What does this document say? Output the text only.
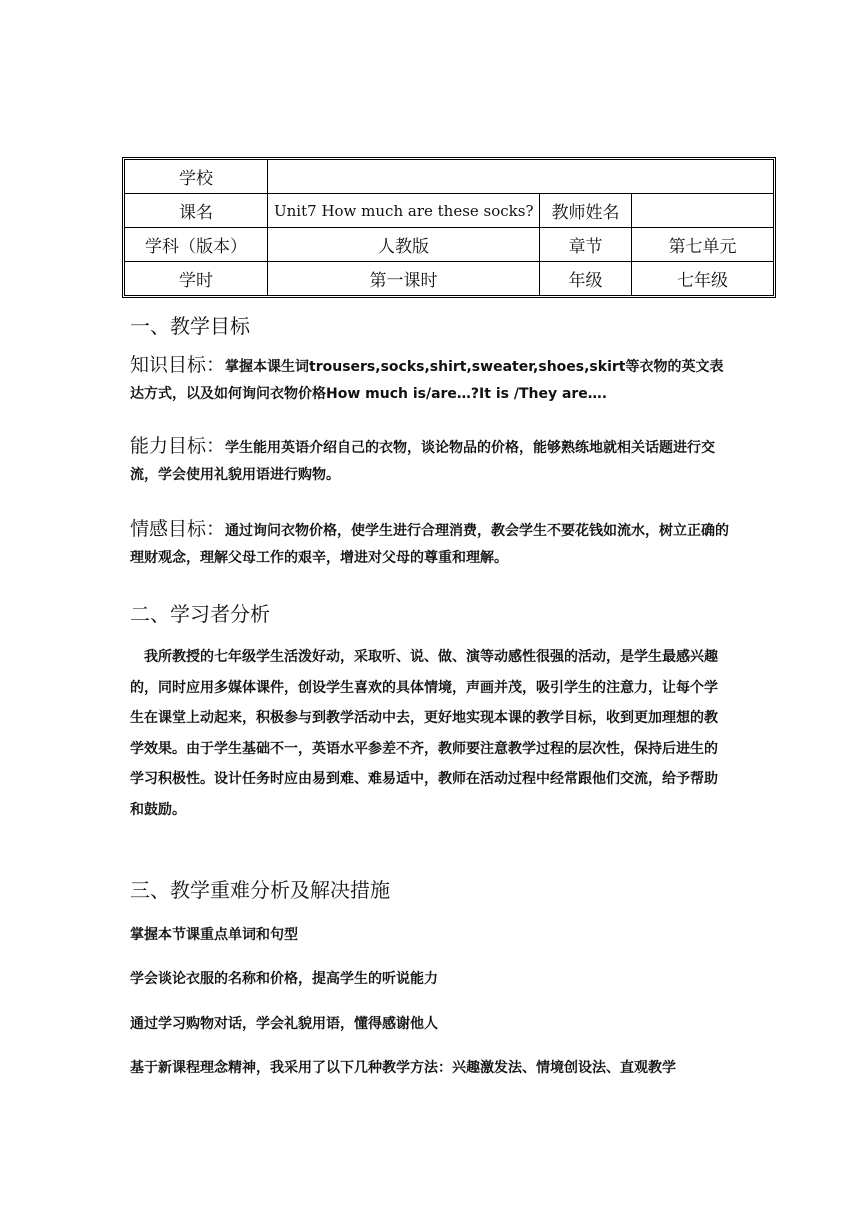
学校			
课名	Unit7 How much are these socks?	教师姓名	
学科（版本）	人教版	章节	第七单元
学时	第一课时	年级	七年级
一、教学目标
知识目标：掌握本课生词trousers,socks,shirt,sweater,shoes,skirt等衣物的英文表达方式，以及如何询问衣物价格How much is/are…?It is /They are….
能力目标：学生能用英语介绍自己的衣物，谈论物品的价格，能够熟练地就相关话题进行交流，学会使用礼貌用语进行购物。
情感目标：通过询问衣物价格，使学生进行合理消费，教会学生不要花钱如流水，树立正确的理财观念，理解父母工作的艰辛，增进对父母的尊重和理解。
二、学习者分析
我所教授的七年级学生活泼好动，采取听、说、做、演等动感性很强的活动，是学生最感兴趣的，同时应用多媒体课件，创设学生喜欢的具体情境，声画并茂，吸引学生的注意力，让每个学生在课堂上动起来，积极参与到教学活动中去，更好地实现本课的教学目标，收到更加理想的教学效果。由于学生基础不一，英语水平参差不齐，教师要注意教学过程的层次性，保持后进生的学习积极性。设计任务时应由易到难、难易适中，教师在活动过程中经常跟他们交流，给予帮助和鼓励。
三、教学重难分析及解决措施
掌握本节课重点单词和句型
学会谈论衣服的名称和价格，提高学生的听说能力
通过学习购物对话，学会礼貌用语，懂得感谢他人
基于新课程理念精神，我采用了以下几种教学方法：兴趣激发法、情境创设法、直观教学
